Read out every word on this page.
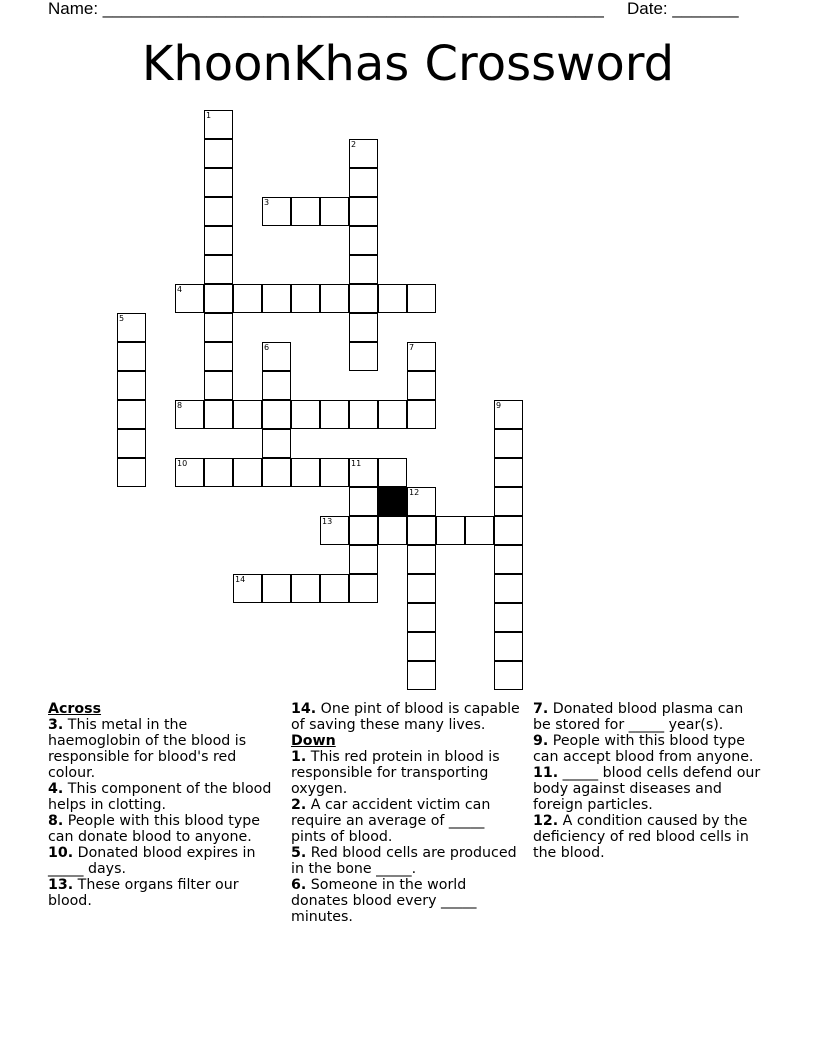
Name: _____________________________________________________ Date: _______
KhoonKhas Crossword
1
2
3
4
5
6	7
8	9
10	11
12
13
14
Across

3. This metal in the haemoglobin of the blood is responsible for blood's red colour.

4. This component of the blood helps in clotting.

8. People with this blood type can donate blood to anyone.

10. Donated blood expires in _____ days.

13. These organs filter our blood.

14. One pint of blood is capable of saving these many lives.

Down

1. This red protein in blood is responsible for transporting oxygen.

2. A car accident victim can require an average of _____ pints of blood.

5. Red blood cells are produced in the bone _____.

6. Someone in the world donates blood every _____ minutes.

7. Donated blood plasma can be stored for _____ year(s).

9. People with this blood type can accept blood from anyone.

11. _____ blood cells defend our body against diseases and foreign particles.

12. A condition caused by the deficiency of red blood cells in the blood.
